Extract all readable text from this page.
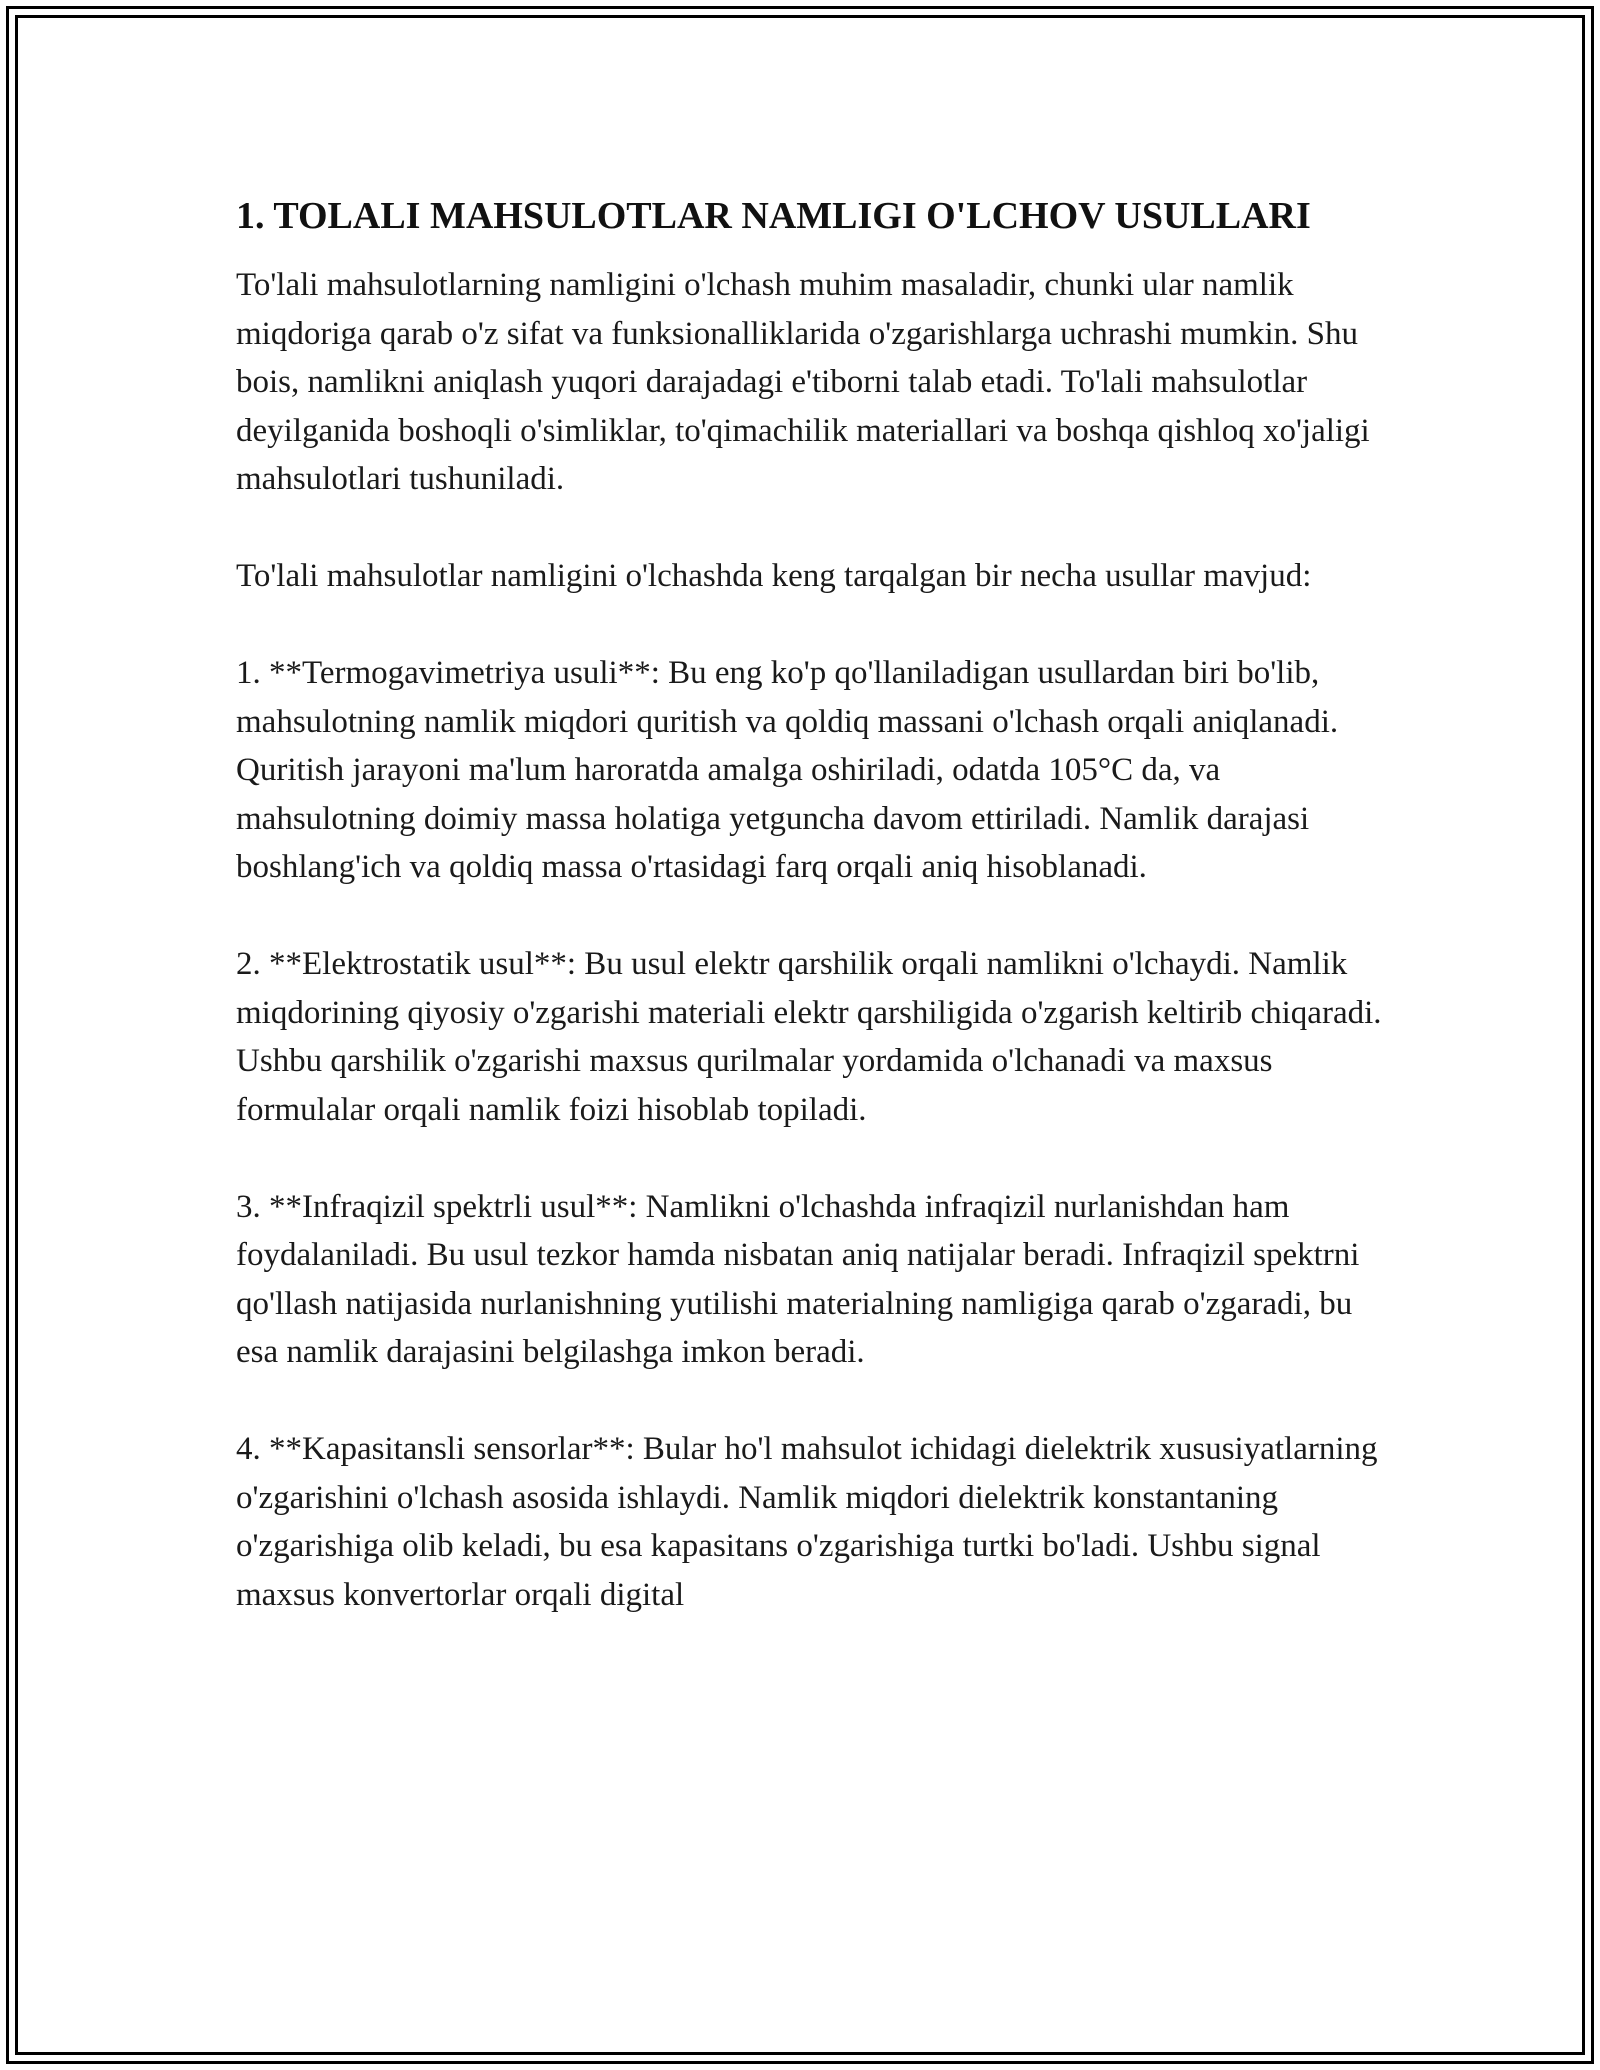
1. TOLALI MAHSULOTLAR NAMLIGI O'LCHOV USULLARI

To'lali mahsulotlarning namligini o'lchash muhim masaladir, chunki ular namlik miqdoriga qarab o'z sifat va funksionalliklarida o'zgarishlarga uchrashi mumkin. Shu bois, namlikni aniqlash yuqori darajadagi e'tiborni talab etadi. To'lali mahsulotlar deyilganida boshoqli o'simliklar, to'qimachilik materiallari va boshqa qishloq xo'jaligi mahsulotlari tushuniladi.

To'lali mahsulotlar namligini o'lchashda keng tarqalgan bir necha usullar mavjud:

1. **Termogavimetriya usuli**: Bu eng ko'p qo'llaniladigan usullardan biri bo'lib, mahsulotning namlik miqdori quritish va qoldiq massani o'lchash orqali aniqlanadi. Quritish jarayoni ma'lum haroratda amalga oshiriladi, odatda 105°C da, va mahsulotning doimiy massa holatiga yetguncha davom ettiriladi. Namlik darajasi boshlang'ich va qoldiq massa o'rtasidagi farq orqali aniq hisoblanadi.

2. **Elektrostatik usul**: Bu usul elektr qarshilik orqali namlikni o'lchaydi. Namlik miqdorining qiyosiy o'zgarishi materiali elektr qarshiligida o'zgarish keltirib chiqaradi. Ushbu qarshilik o'zgarishi maxsus qurilmalar yordamida o'lchanadi va maxsus formulalar orqali namlik foizi hisoblab topiladi.

3. **Infraqizil spektrli usul**: Namlikni o'lchashda infraqizil nurlanishdan ham foydalaniladi. Bu usul tezkor hamda nisbatan aniq natijalar beradi. Infraqizil spektrni qo'llash natijasida nurlanishning yutilishi materialning namligiga qarab o'zgaradi, bu esa namlik darajasini belgilashga imkon beradi.

4. **Kapasitansli sensorlar**: Bular ho'l mahsulot ichidagi dielektrik xususiyatlarning o'zgarishini o'lchash asosida ishlaydi. Namlik miqdori dielektrik konstantaning o'zgarishiga olib keladi, bu esa kapasitans o'zgarishiga turtki bo'ladi. Ushbu signal maxsus konvertorlar orqali digital
